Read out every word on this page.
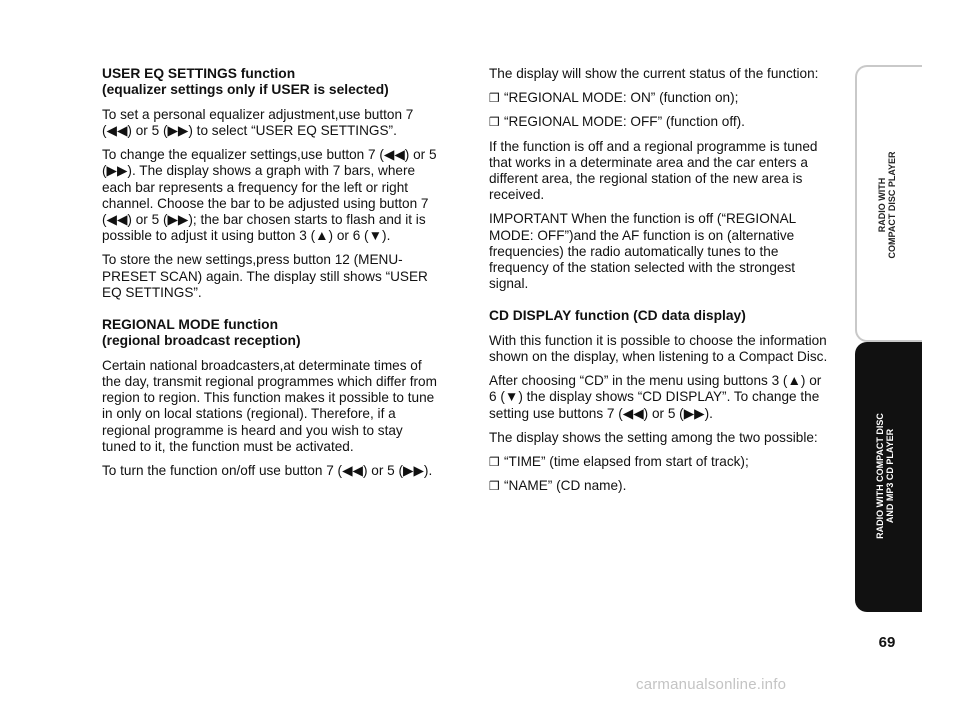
USER EQ SETTINGS function
(equalizer settings only if USER is selected)

To set a personal equalizer adjustment,use button 7 (◀◀) or 5 (▶▶) to select “USER EQ SETTINGS”.

To change the equalizer settings,use button 7 (◀◀) or 5 (▶▶). The display shows a graph with 7 bars, where each bar represents a frequency for the left or right channel. Choose the bar to be adjusted using button 7 (◀◀) or 5 (▶▶); the bar chosen starts to flash and it is possible to adjust it using button 3 (▲) or 6 (▼).

To store the new settings,press button 12 (MENU-PRESET SCAN) again. The display still shows “USER EQ SETTINGS”.

REGIONAL MODE function
(regional broadcast reception)

Certain national broadcasters,at determinate times of the day, transmit regional programmes which differ from region to region. This function makes it possible to tune in only on local stations (regional). Therefore, if a regional programme is heard and you wish to stay tuned to it, the function must be activated.

To turn the function on/off use button 7 (◀◀) or 5 (▶▶).

The display will show the current status of the function:

❒ “REGIONAL MODE: ON” (function on);
❒ “REGIONAL MODE: OFF” (function off).

If the function is off and a regional programme is tuned that works in a determinate area and the car enters a different area, the regional station of the new area is received.

IMPORTANT When the function is off (“REGIONAL MODE: OFF”)and the AF function is on (alternative frequencies) the radio automatically tunes to the frequency of the station selected with the strongest signal.

CD DISPLAY function (CD data display)

With this function it is possible to choose the information shown on the display, when listening to a Compact Disc.

After choosing “CD” in the menu using buttons 3 (▲) or 6 (▼) the display shows “CD DISPLAY”. To change the setting use buttons 7 (◀◀) or 5 (▶▶).

The display shows the setting among the two possible:

❒ “TIME” (time elapsed from start of track);
❒ “NAME” (CD name).
RADIO WITH
COMPACT DISC PLAYER
RADIO WITH COMPACT DISC
AND MP3 CD PLAYER
69
carmanualsonline.info
